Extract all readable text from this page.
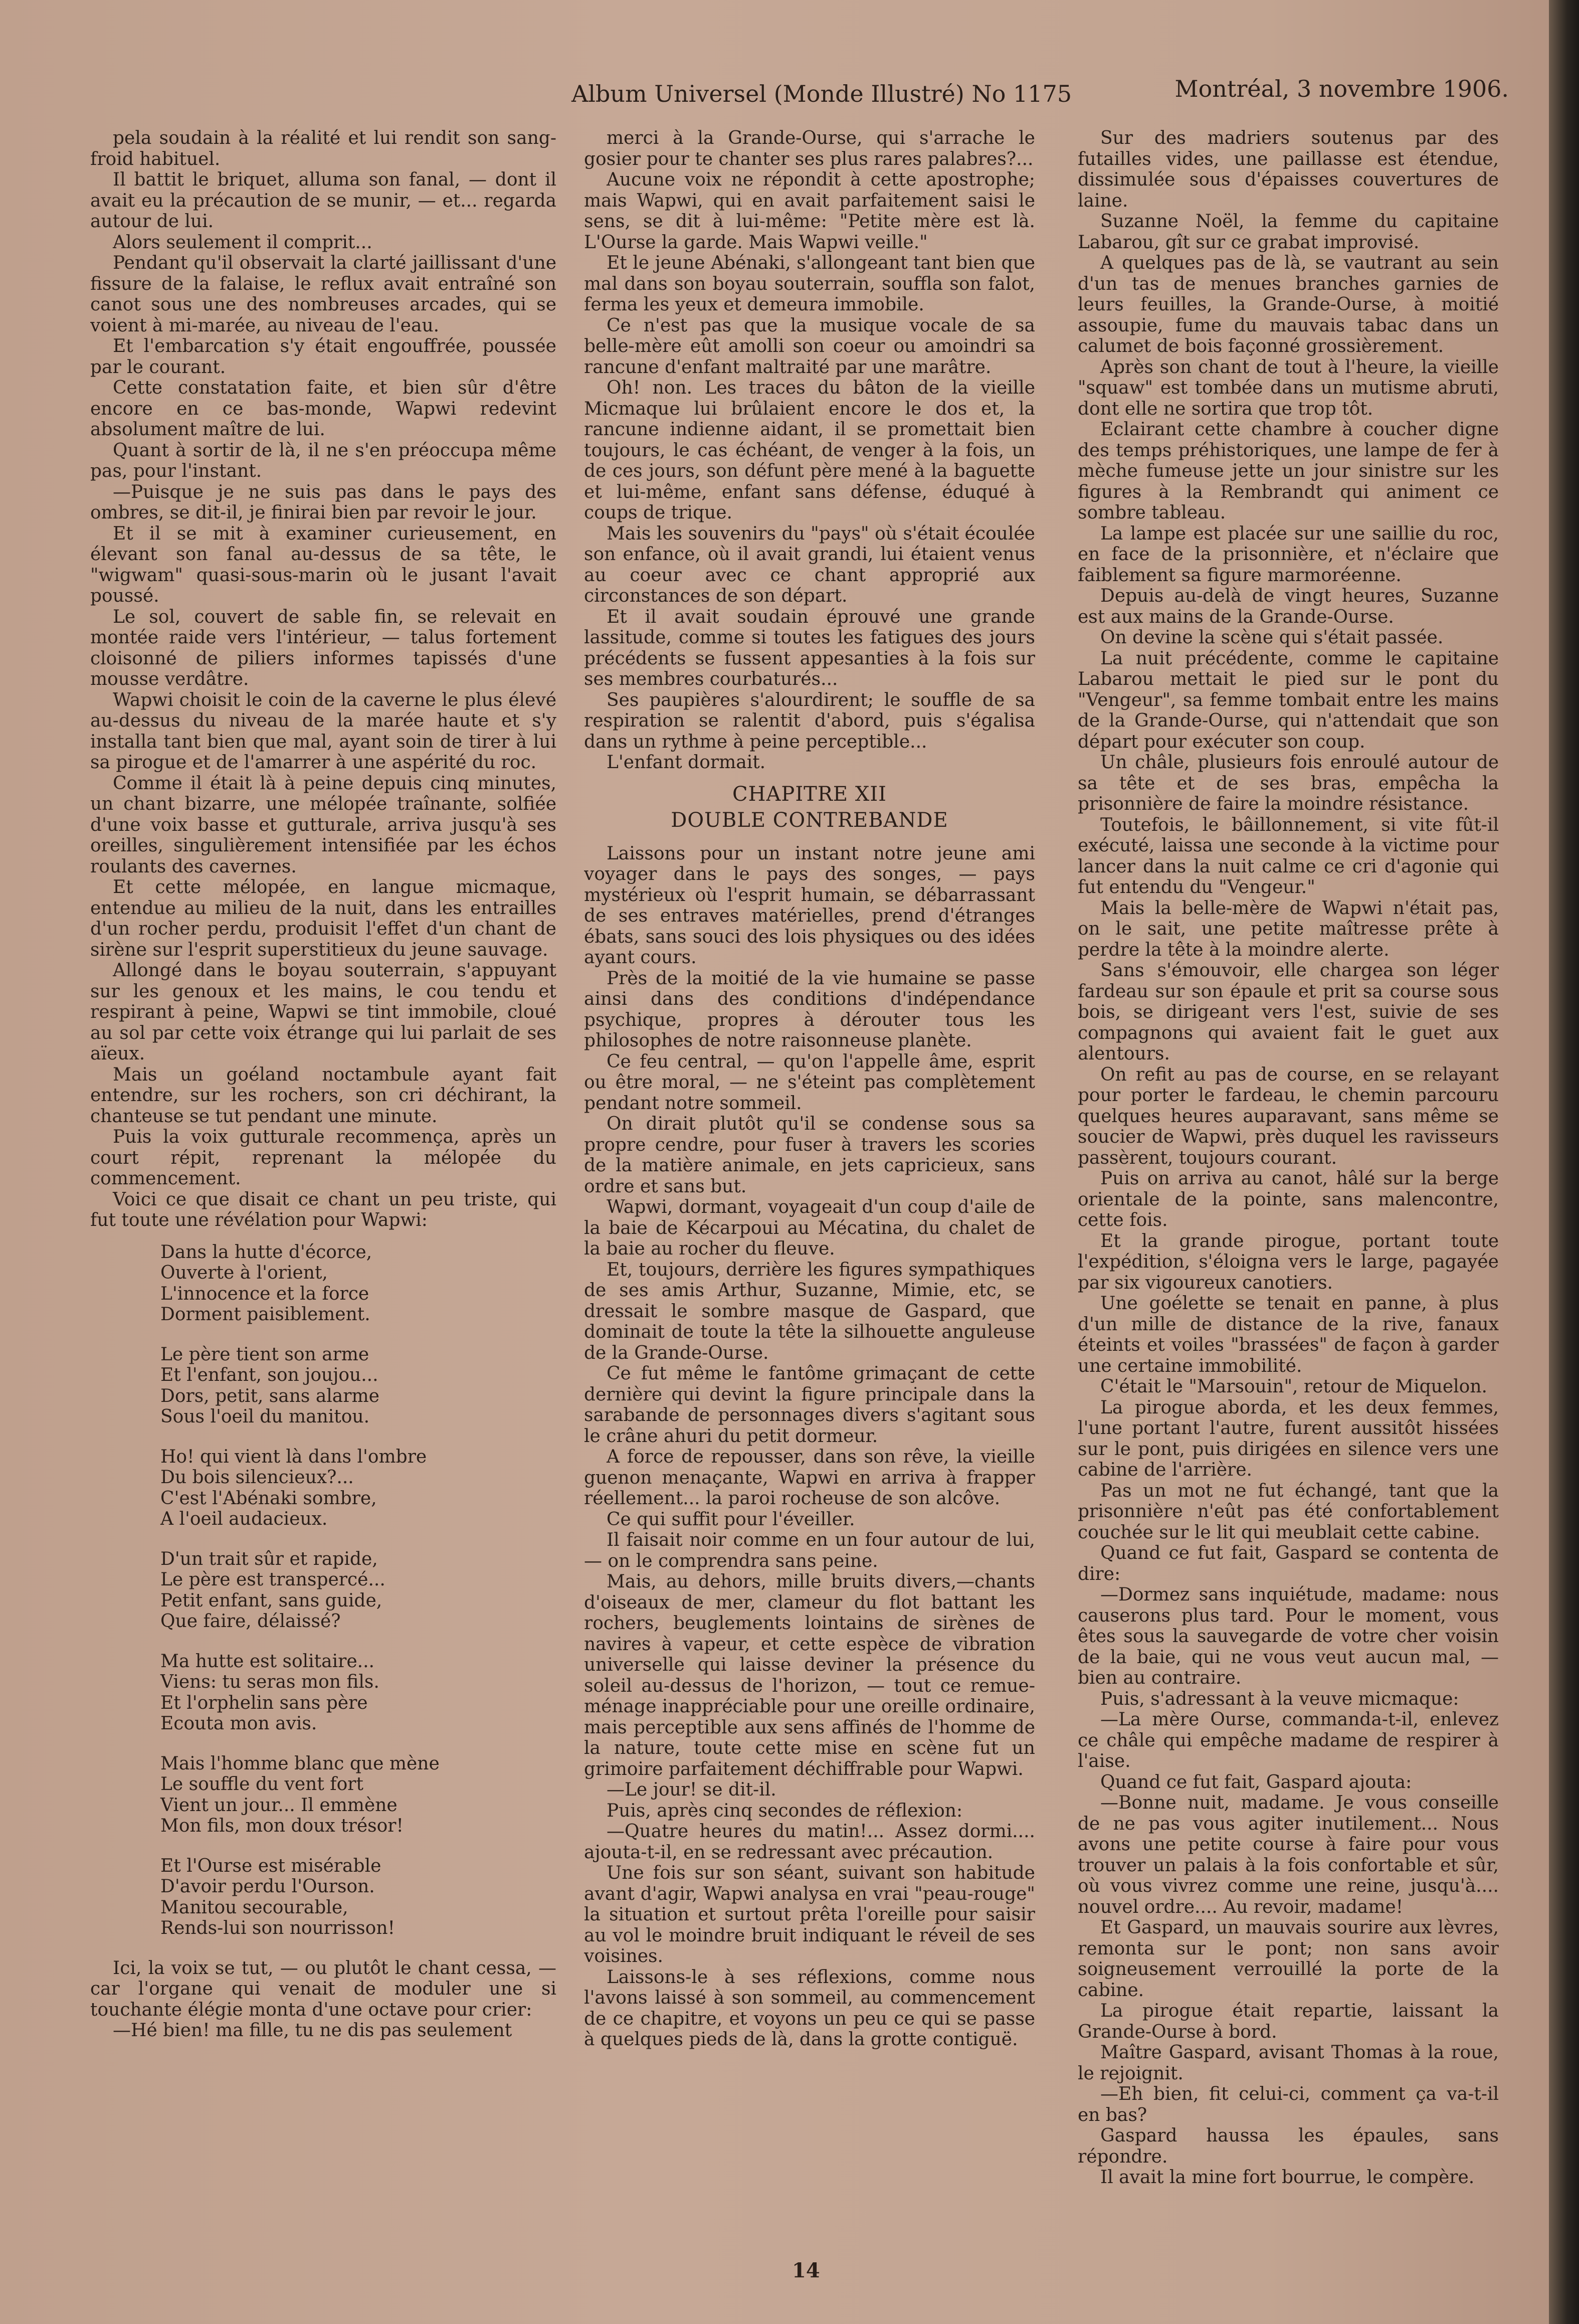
Album Universel (Monde Illustré) No 1175	Montréal, 3 novembre 1906.

pela soudain à la réalité et lui rendit son sang-froid habituel.

Il battit le briquet, alluma son fanal, — dont il avait eu la précaution de se munir, — et... regarda autour de lui.

Alors seulement il comprit...

Pendant qu'il observait la clarté jaillissant d'une fissure de la falaise, le reflux avait entraîné son canot sous une des nombreuses arcades, qui se voient à mi-marée, au niveau de l'eau.

Et l'embarcation s'y était engouffrée, poussée par le courant.

Cette constatation faite, et bien sûr d'être encore en ce bas-monde, Wapwi redevint absolument maître de lui.

Quant à sortir de là, il ne s'en préoccupa même pas, pour l'instant.

—Puisque je ne suis pas dans le pays des ombres, se dit-il, je finirai bien par revoir le jour.

Et il se mit à examiner curieusement, en élevant son fanal au-dessus de sa tête, le "wigwam" quasi-sous-marin où le jusant l'avait poussé.

Le sol, couvert de sable fin, se relevait en montée raide vers l'intérieur, — talus fortement cloisonné de piliers informes tapissés d'une mousse verdâtre.

Wapwi choisit le coin de la caverne le plus élevé au-dessus du niveau de la marée haute et s'y installa tant bien que mal, ayant soin de tirer à lui sa pirogue et de l'amarrer à une aspérité du roc.

Comme il était là à peine depuis cinq minutes, un chant bizarre, une mélopée traînante, solfiée d'une voix basse et gutturale, arriva jusqu'à ses oreilles, singulièrement intensifiée par les échos roulants des cavernes.

Et cette mélopée, en langue micmaque, entendue au milieu de la nuit, dans les entrailles d'un rocher perdu, produisit l'effet d'un chant de sirène sur l'esprit superstitieux du jeune sauvage.

Allongé dans le boyau souterrain, s'appuyant sur les genoux et les mains, le cou tendu et respirant à peine, Wapwi se tint immobile, cloué au sol par cette voix étrange qui lui parlait de ses aïeux.

Mais un goéland noctambule ayant fait entendre, sur les rochers, son cri déchirant, la chanteuse se tut pendant une minute.

Puis la voix gutturale recommença, après un court répit, reprenant la mélopée du commencement.

Voici ce que disait ce chant un peu triste, qui fut toute une révélation pour Wapwi:

Dans la hutte d'écorce,
Ouverte à l'orient,
L'innocence et la force
Dorment paisiblement.
Le père tient son arme
Et l'enfant, son joujou...
Dors, petit, sans alarme
Sous l'oeil du manitou.
Ho! qui vient là dans l'ombre
Du bois silencieux?...
C'est l'Abénaki sombre,
A l'oeil audacieux.
D'un trait sûr et rapide,
Le père est transpercé...
Petit enfant, sans guide,
Que faire, délaissé?
Ma hutte est solitaire...
Viens: tu seras mon fils.
Et l'orphelin sans père
Ecouta mon avis.
Mais l'homme blanc que mène
Le souffle du vent fort
Vient un jour... Il emmène
Mon fils, mon doux trésor!
Et l'Ourse est misérable
D'avoir perdu l'Ourson.
Manitou secourable,
Rends-lui son nourrisson!

Ici, la voix se tut, — ou plutôt le chant cessa, — car l'organe qui venait de moduler une si touchante élégie monta d'une octave pour crier:

—Hé bien! ma fille, tu ne dis pas seulement

merci à la Grande-Ourse, qui s'arrache le gosier pour te chanter ses plus rares palabres?...

Aucune voix ne répondit à cette apostrophe; mais Wapwi, qui en avait parfaitement saisi le sens, se dit à lui-même: "Petite mère est là. L'Ourse la garde. Mais Wapwi veille."

Et le jeune Abénaki, s'allongeant tant bien que mal dans son boyau souterrain, souffla son falot, ferma les yeux et demeura immobile.

Ce n'est pas que la musique vocale de sa belle-mère eût amolli son coeur ou amoindri sa rancune d'enfant maltraité par une marâtre.

Oh! non. Les traces du bâton de la vieille Micmaque lui brûlaient encore le dos et, la rancune indienne aidant, il se promettait bien toujours, le cas échéant, de venger à la fois, un de ces jours, son défunt père mené à la baguette et lui-même, enfant sans défense, éduqué à coups de trique.

Mais les souvenirs du "pays" où s'était écoulée son enfance, où il avait grandi, lui étaient venus au coeur avec ce chant approprié aux circonstances de son départ.

Et il avait soudain éprouvé une grande lassitude, comme si toutes les fatigues des jours précédents se fussent appesanties à la fois sur ses membres courbaturés...

Ses paupières s'alourdirent; le souffle de sa respiration se ralentit d'abord, puis s'égalisa dans un rythme à peine perceptible...

L'enfant dormait.

CHAPITRE XII
DOUBLE CONTREBANDE

Laissons pour un instant notre jeune ami voyager dans le pays des songes, — pays mystérieux où l'esprit humain, se débarrassant de ses entraves matérielles, prend d'étranges ébats, sans souci des lois physiques ou des idées ayant cours.

Près de la moitié de la vie humaine se passe ainsi dans des conditions d'indépendance psychique, propres à dérouter tous les philosophes de notre raisonneuse planète.

Ce feu central, — qu'on l'appelle âme, esprit ou être moral, — ne s'éteint pas complètement pendant notre sommeil.

On dirait plutôt qu'il se condense sous sa propre cendre, pour fuser à travers les scories de la matière animale, en jets capricieux, sans ordre et sans but.

Wapwi, dormant, voyageait d'un coup d'aile de la baie de Kécarpoui au Mécatina, du chalet de la baie au rocher du fleuve.

Et, toujours, derrière les figures sympathiques de ses amis Arthur, Suzanne, Mimie, etc, se dressait le sombre masque de Gaspard, que dominait de toute la tête la silhouette anguleuse de la Grande-Ourse.

Ce fut même le fantôme grimaçant de cette dernière qui devint la figure principale dans la sarabande de personnages divers s'agitant sous le crâne ahuri du petit dormeur.

A force de repousser, dans son rêve, la vieille guenon menaçante, Wapwi en arriva à frapper réellement... la paroi rocheuse de son alcôve.

Ce qui suffit pour l'éveiller.

Il faisait noir comme en un four autour de lui, — on le comprendra sans peine.

Mais, au dehors, mille bruits divers,—chants d'oiseaux de mer, clameur du flot battant les rochers, beuglements lointains de sirènes de navires à vapeur, et cette espèce de vibration universelle qui laisse deviner la présence du soleil au-dessus de l'horizon, — tout ce remue-ménage inappréciable pour une oreille ordinaire, mais perceptible aux sens affinés de l'homme de la nature, toute cette mise en scène fut un grimoire parfaitement déchiffrable pour Wapwi.

—Le jour! se dit-il.

Puis, après cinq secondes de réflexion:

—Quatre heures du matin!... Assez dormi.... ajouta-t-il, en se redressant avec précaution.

Une fois sur son séant, suivant son habitude avant d'agir, Wapwi analysa en vrai "peau-rouge" la situation et surtout prêta l'oreille pour saisir au vol le moindre bruit indiquant le réveil de ses voisines.

Laissons-le à ses réflexions, comme nous l'avons laissé à son sommeil, au commencement de ce chapitre, et voyons un peu ce qui se passe à quelques pieds de là, dans la grotte contiguë.

Sur des madriers soutenus par des futailles vides, une paillasse est étendue, dissimulée sous d'épaisses couvertures de laine.

Suzanne Noël, la femme du capitaine Labarou, gît sur ce grabat improvisé.

A quelques pas de là, se vautrant au sein d'un tas de menues branches garnies de leurs feuilles, la Grande-Ourse, à moitié assoupie, fume du mauvais tabac dans un calumet de bois façonné grossièrement.

Après son chant de tout à l'heure, la vieille "squaw" est tombée dans un mutisme abruti, dont elle ne sortira que trop tôt.

Eclairant cette chambre à coucher digne des temps préhistoriques, une lampe de fer à mèche fumeuse jette un jour sinistre sur les figures à la Rembrandt qui animent ce sombre tableau.

La lampe est placée sur une saillie du roc, en face de la prisonnière, et n'éclaire que faiblement sa figure marmoréenne.

Depuis au-delà de vingt heures, Suzanne est aux mains de la Grande-Ourse.

On devine la scène qui s'était passée.

La nuit précédente, comme le capitaine Labarou mettait le pied sur le pont du "Vengeur", sa femme tombait entre les mains de la Grande-Ourse, qui n'attendait que son départ pour exécuter son coup.

Un châle, plusieurs fois enroulé autour de sa tête et de ses bras, empêcha la prisonnière de faire la moindre résistance.

Toutefois, le bâillonnement, si vite fût-il exécuté, laissa une seconde à la victime pour lancer dans la nuit calme ce cri d'agonie qui fut entendu du "Vengeur."

Mais la belle-mère de Wapwi n'était pas, on le sait, une petite maîtresse prête à perdre la tête à la moindre alerte.

Sans s'émouvoir, elle chargea son léger fardeau sur son épaule et prit sa course sous bois, se dirigeant vers l'est, suivie de ses compagnons qui avaient fait le guet aux alentours.

On refit au pas de course, en se relayant pour porter le fardeau, le chemin parcouru quelques heures auparavant, sans même se soucier de Wapwi, près duquel les ravisseurs passèrent, toujours courant.

Puis on arriva au canot, hâlé sur la berge orientale de la pointe, sans malencontre, cette fois.

Et la grande pirogue, portant toute l'expédition, s'éloigna vers le large, pagayée par six vigoureux canotiers.

Une goélette se tenait en panne, à plus d'un mille de distance de la rive, fanaux éteints et voiles "brassées" de façon à garder une certaine immobilité.

C'était le "Marsouin", retour de Miquelon.

La pirogue aborda, et les deux femmes, l'une portant l'autre, furent aussitôt hissées sur le pont, puis dirigées en silence vers une cabine de l'arrière.

Pas un mot ne fut échangé, tant que la prisonnière n'eût pas été confortablement couchée sur le lit qui meublait cette cabine.

Quand ce fut fait, Gaspard se contenta de dire:

—Dormez sans inquiétude, madame: nous causerons plus tard. Pour le moment, vous êtes sous la sauvegarde de votre cher voisin de la baie, qui ne vous veut aucun mal, — bien au contraire.

Puis, s'adressant à la veuve micmaque:

—La mère Ourse, commanda-t-il, enlevez ce châle qui empêche madame de respirer à l'aise.

Quand ce fut fait, Gaspard ajouta:

—Bonne nuit, madame. Je vous conseille de ne pas vous agiter inutilement... Nous avons une petite course à faire pour vous trouver un palais à la fois confortable et sûr, où vous vivrez comme une reine, jusqu'à.... nouvel ordre.... Au revoir, madame!

Et Gaspard, un mauvais sourire aux lèvres, remonta sur le pont; non sans avoir soigneusement verrouillé la porte de la cabine.

La pirogue était repartie, laissant la Grande-Ourse à bord.

Maître Gaspard, avisant Thomas à la roue, le rejoignit.

—Eh bien, fit celui-ci, comment ça va-t-il en bas?

Gaspard haussa les épaules, sans répondre.

Il avait la mine fort bourrue, le compère.

14
